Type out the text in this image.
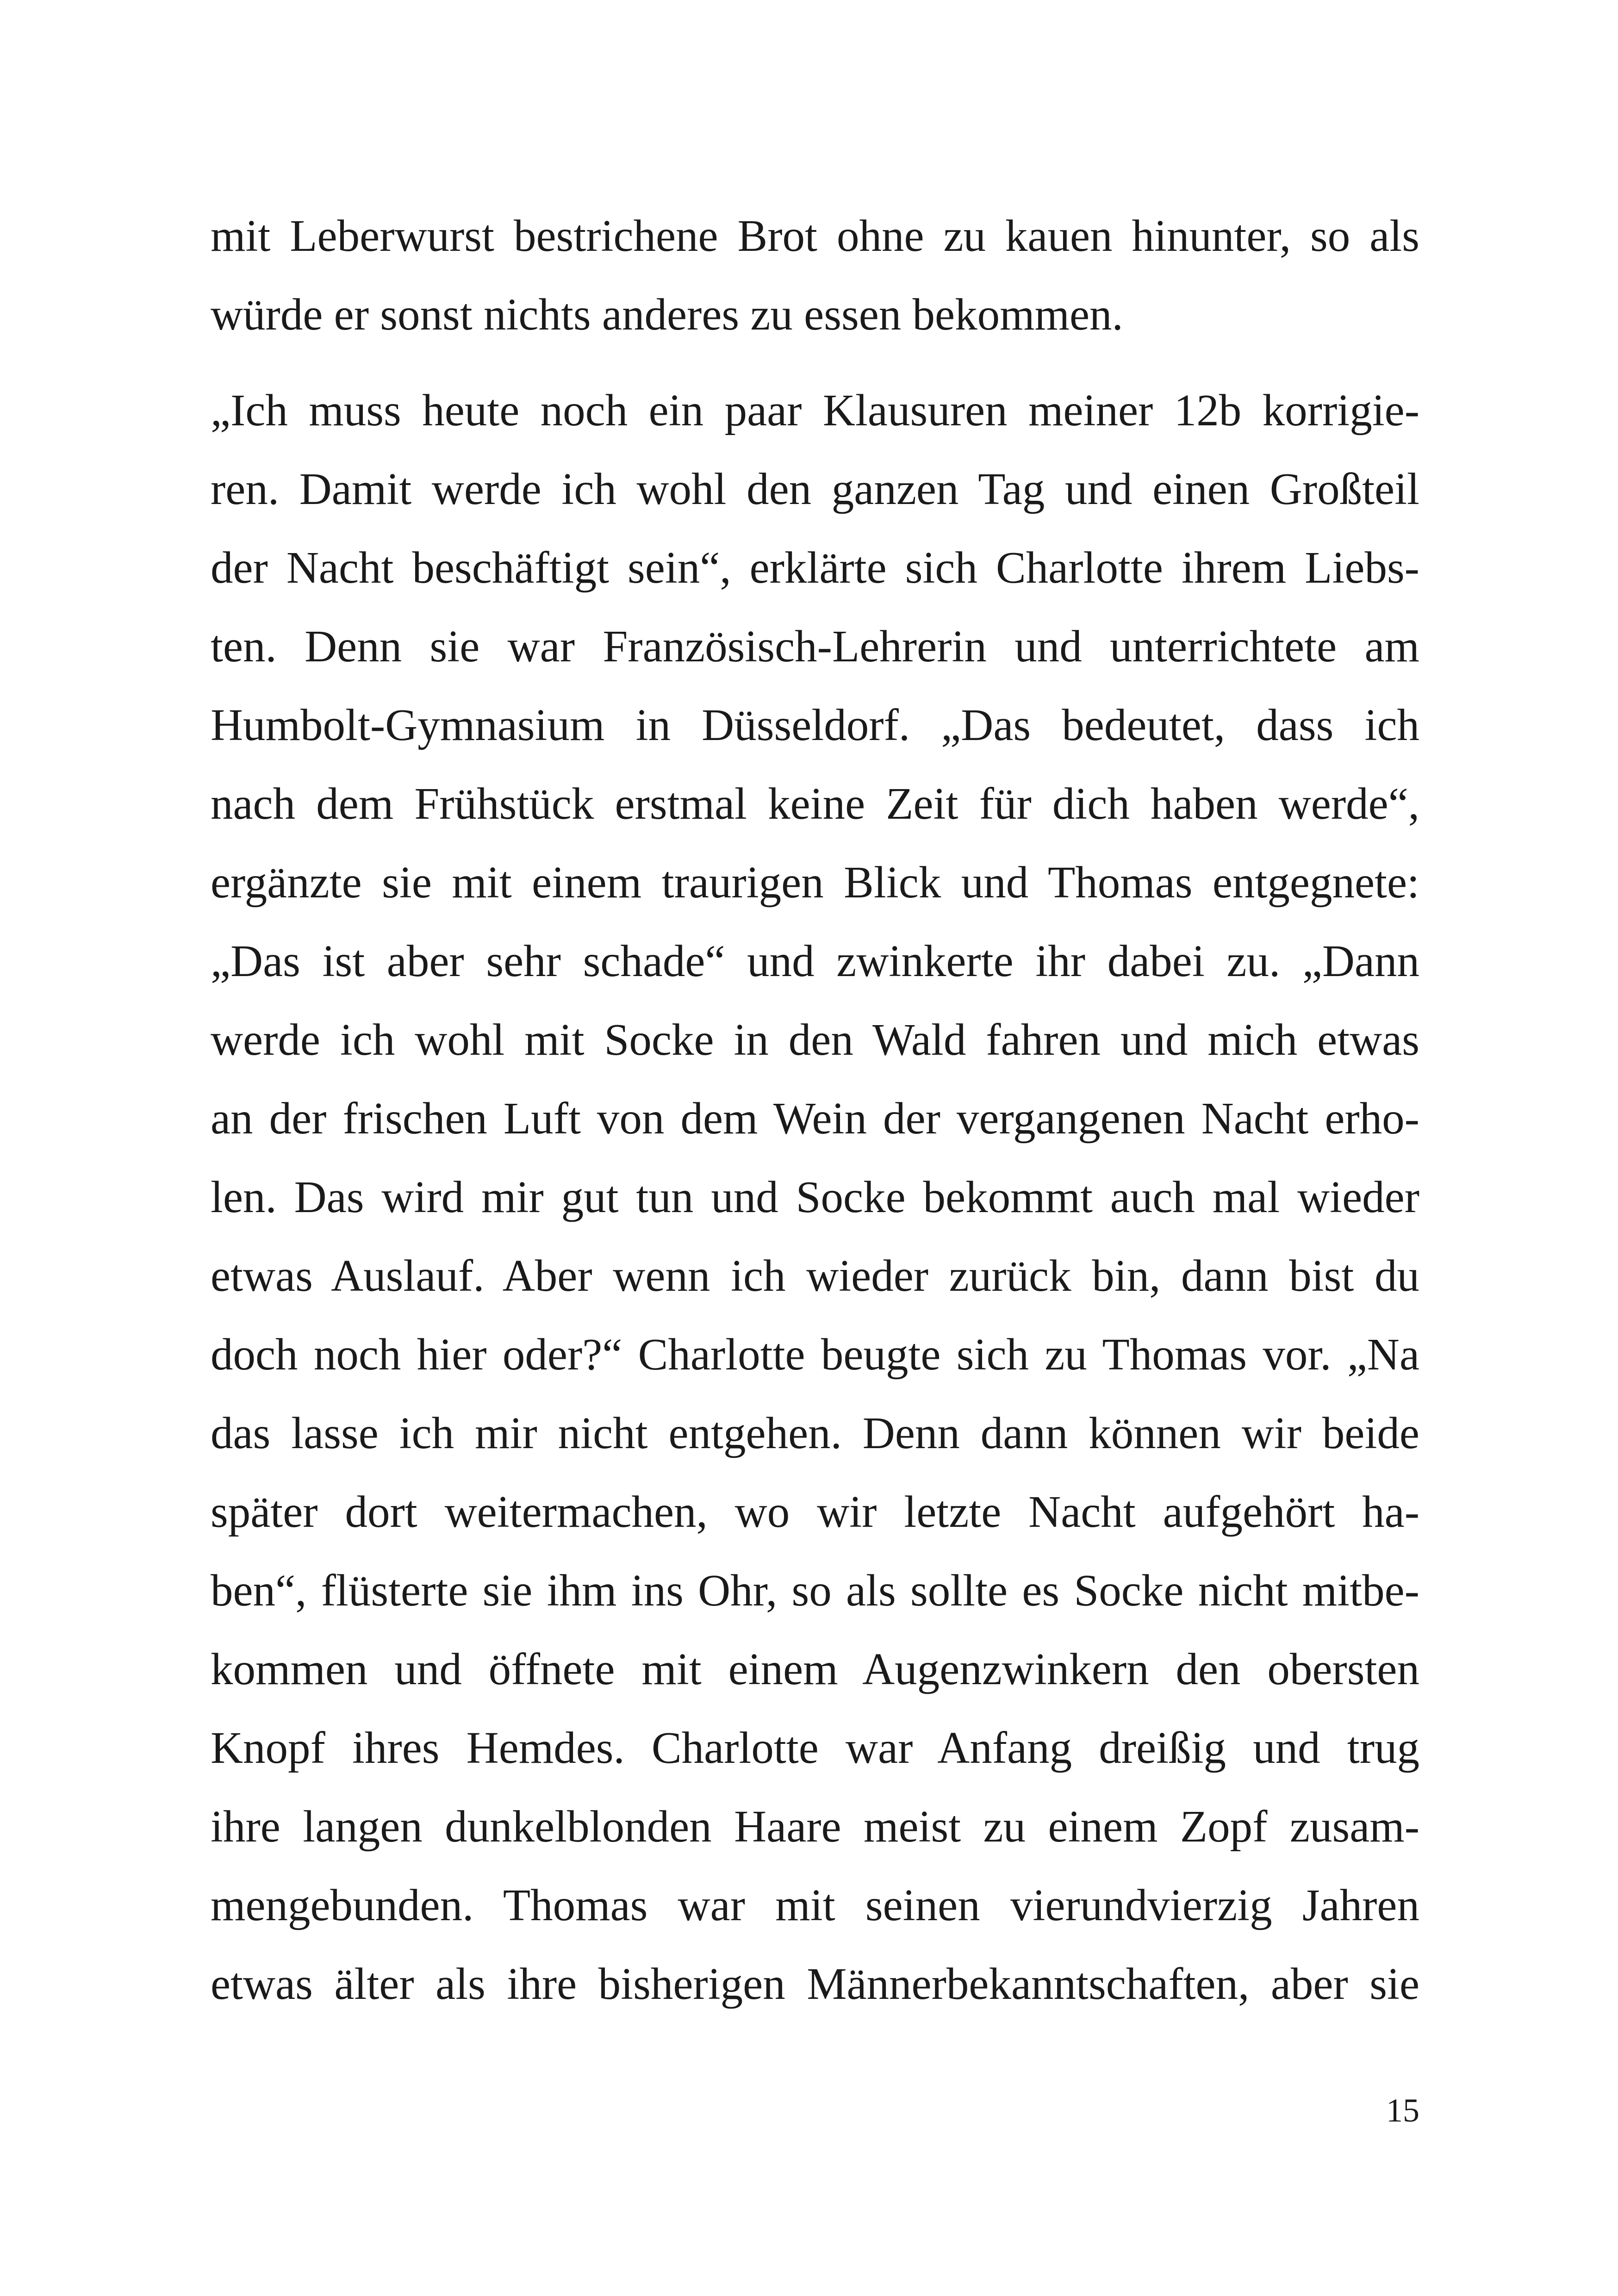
mit Leberwurst bestrichene Brot ohne zu kauen hinunter, so als
würde er sonst nichts anderes zu essen bekommen.
„Ich muss heute noch ein paar Klausuren meiner 12b korrigie-
ren. Damit werde ich wohl den ganzen Tag und einen Großteil
der Nacht beschäftigt sein“, erklärte sich Charlotte ihrem Liebs-
ten. Denn sie war Französisch-Lehrerin und unterrichtete am
Humbolt-Gymnasium in Düsseldorf. „Das bedeutet, dass ich
nach dem Frühstück erstmal keine Zeit für dich haben werde“,
ergänzte sie mit einem traurigen Blick und Thomas entgegnete:
„Das ist aber sehr schade“ und zwinkerte ihr dabei zu. „Dann
werde ich wohl mit Socke in den Wald fahren und mich etwas
an der frischen Luft von dem Wein der vergangenen Nacht erho-
len. Das wird mir gut tun und Socke bekommt auch mal wieder
etwas Auslauf. Aber wenn ich wieder zurück bin, dann bist du
doch noch hier oder?“ Charlotte beugte sich zu Thomas vor. „Na
das lasse ich mir nicht entgehen. Denn dann können wir beide
später dort weitermachen, wo wir letzte Nacht aufgehört ha-
ben“, flüsterte sie ihm ins Ohr, so als sollte es Socke nicht mitbe-
kommen und öffnete mit einem Augenzwinkern den obersten
Knopf ihres Hemdes. Charlotte war Anfang dreißig und trug
ihre langen dunkelblonden Haare meist zu einem Zopf zusam-
mengebunden. Thomas war mit seinen vierundvierzig Jahren
etwas älter als ihre bisherigen Männerbekanntschaften, aber sie
15
